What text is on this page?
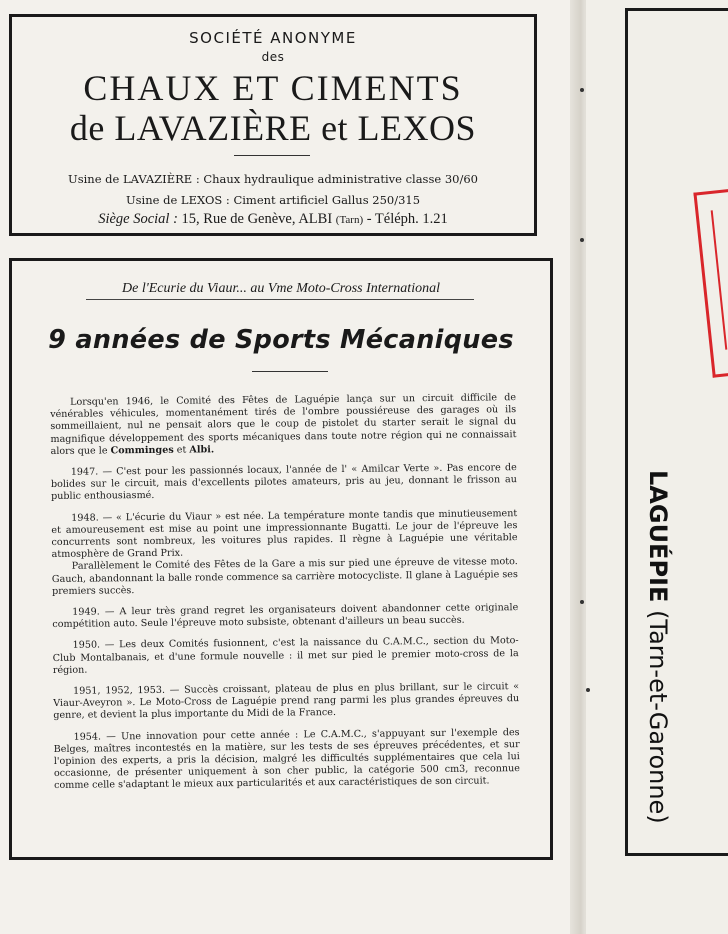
SOCIÉTÉ ANONYME
des
CHAUX ET CIMENTS
de LAVAZIÈRE et LEXOS
Usine de LAVAZIÈRE : Chaux hydraulique administrative classe 30/60
Usine de LEXOS : Ciment artificiel Gallus 250/315
Siège Social : 15, Rue de Genève, ALBI (Tarn) - Téléph. 1.21
De l'Ecurie du Viaur... au Vme Moto-Cross International
9 années de Sports Mécaniques

Lorsqu'en 1946, le Comité des Fêtes de Laguépie lança sur un circuit difficile de vénérables véhicules, momentanément tirés de l'ombre poussiéreuse des garages où ils sommeillaient, nul ne pensait alors que le coup de pistolet du starter serait le signal du magnifique développement des sports mécaniques dans toute notre région qui ne connaissait alors que le Comminges et Albi.

1947. — C'est pour les passionnés locaux, l'année de l' « Amilcar Verte ». Pas encore de bolides sur le circuit, mais d'excellents pilotes amateurs, pris au jeu, donnant le frisson au public enthousiasmé.

1948. — « L'écurie du Viaur » est née. La température monte tandis que minutieusement et amoureusement est mise au point une impressionnante Bugatti. Le jour de l'épreuve les concurrents sont nombreux, les voitures plus rapides. Il règne à Laguépie une véritable atmosphère de Grand Prix.

Parallèlement le Comité des Fêtes de la Gare a mis sur pied une épreuve de vitesse moto. Gauch, abandonnant la balle ronde commence sa carrière motocycliste. Il glane à Laguépie ses premiers succès.

1949. — A leur très grand regret les organisateurs doivent abandonner cette originale compétition auto. Seule l'épreuve moto subsiste, obtenant d'ailleurs un beau succès.

1950. — Les deux Comités fusionnent, c'est la naissance du C.A.M.C., section du Moto-Club Montalbanais, et d'une formule nouvelle : il met sur pied le premier moto-cross de la région.

1951, 1952, 1953. — Succès croissant, plateau de plus en plus brillant, sur le circuit « Viaur-Aveyron ». Le Moto-Cross de Laguépie prend rang parmi les plus grandes épreuves du genre, et devient la plus importante du Midi de la France.

1954. — Une innovation pour cette année : Le C.A.M.C., s'appuyant sur l'exemple des Belges, maîtres incontestés en la matière, sur les tests de ses épreuves précédentes, et sur l'opinion des experts, a pris la décision, malgré les difficultés supplémentaires que cela lui occasionne, de présenter uniquement à son cher public, la catégorie 500 cm3, reconnue comme celle s'adaptant le mieux aux particularités et aux caractéristiques de son circuit.

LAGUÉPIE (Tarn-et-Garonne)
